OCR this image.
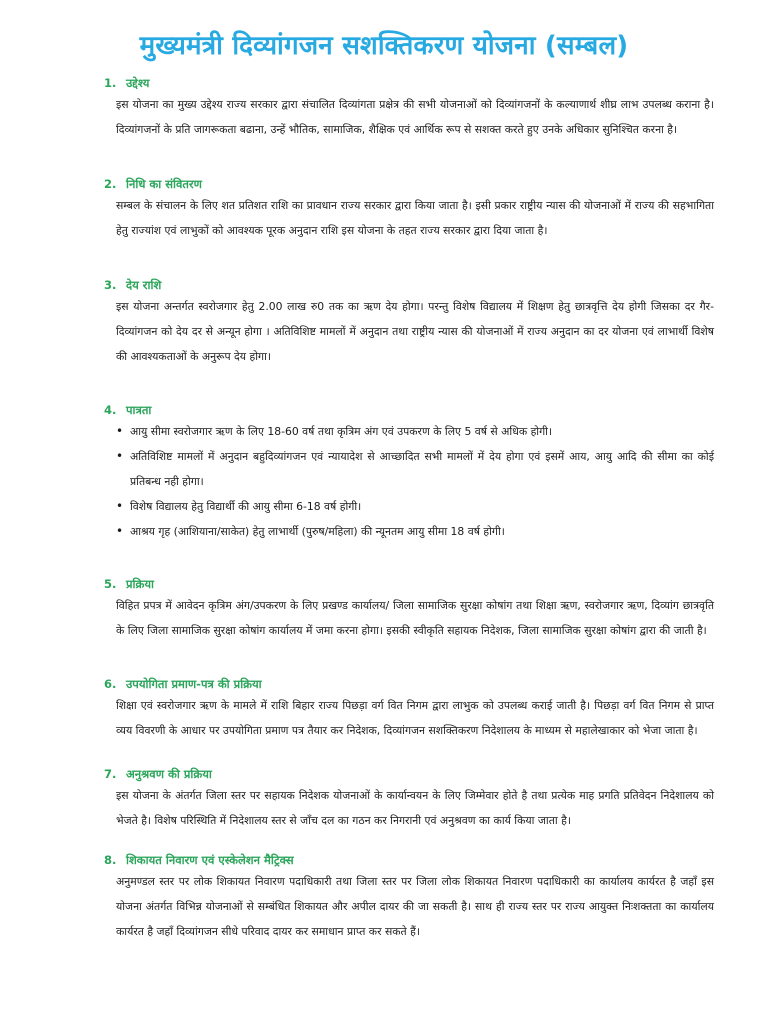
मुख्यमंत्री दिव्यांगजन सशक्तिकरण योजना (सम्बल)
1. उद्देश्य
इस योजना का मुख्य उद्देश्य राज्य सरकार द्वारा संचालित दिव्यांगता प्रक्षेत्र की सभी योजनाओं को दिव्यांगजनों के कल्याणार्थ शीघ्र लाभ उपलब्ध कराना है। दिव्यांगजनों के प्रति जागरूकता बढाना, उन्हें भौतिक, सामाजिक, शैक्षिक एवं आर्थिक रूप से सशक्त करते हुए उनके अधिकार सुनिश्चित करना है।
2. निधि का संवितरण
सम्बल के संचालन के लिए शत प्रतिशत राशि का प्रावधान राज्य सरकार द्वारा किया जाता है। इसी प्रकार राष्ट्रीय न्यास की योजनाओं में राज्य की सहभागिता हेतु राज्यांश एवं लाभुकों को आवश्यक पूरक अनुदान राशि इस योजना के तहत राज्य सरकार द्वारा दिया जाता है।
3. देय राशि
इस योजना अन्तर्गत स्वरोजगार हेतु 2.00 लाख रु0 तक का ऋण देय होगा। परन्तु विशेष विद्यालय में शिक्षण हेतु छात्रवृत्ति देय होगी जिसका दर गैर-दिव्यांगजन को देय दर से अन्यून होगा । अतिविशिष्ट मामलों में अनुदान तथा राष्ट्रीय न्यास की योजनाओं में राज्य अनुदान का दर योजना एवं लाभार्थी विशेष की आवश्यकताओं के अनुरूप देय होगा।
4. पात्रता
• आयु सीमा स्वरोजगार ऋण के लिए 18-60 वर्ष तथा कृत्रिम अंग एवं उपकरण के लिए 5 वर्ष से अधिक होगी।
• अतिविशिष्ट मामलों में अनुदान बहुदिव्यांगजन एवं न्यायादेश से आच्छादित सभी मामलों में देय होगा एवं इसमें आय, आयु आदि की सीमा का कोई प्रतिबन्ध नही होगा।
• विशेष विद्यालय हेतु विद्यार्थी की आयु सीमा 6-18 वर्ष होगी।
• आश्रय गृह (आशियाना/साकेत) हेतु लाभार्थी (पुरुष/महिला) की न्यूनतम आयु सीमा 18 वर्ष होगी।
5. प्रक्रिया
विहित प्रपत्र में आवेदन कृत्रिम अंग/उपकरण के लिए प्रखण्ड कार्यालय/ जिला सामाजिक सुरक्षा कोषांग तथा शिक्षा ऋण, स्वरोजगार ऋण, दिव्यांग छात्रवृति के लिए जिला सामाजिक सुरक्षा कोषांग कार्यालय में जमा करना होगा। इसकी स्वीकृति सहायक निदेशक, जिला सामाजिक सुरक्षा कोषांग द्वारा की जाती है।
6. उपयोगिता प्रमाण-पत्र की प्रक्रिया
शिक्षा एवं स्वरोजगार ऋण के मामले में राशि बिहार राज्य पिछड़ा वर्ग वित निगम द्वारा लाभुक को उपलब्ध कराई जाती है। पिछड़ा वर्ग वित निगम से प्राप्त व्यय विवरणी के आधार पर उपयोगिता प्रमाण पत्र तैयार कर निदेशक, दिव्यांगजन सशक्तिकरण निदेशालय के माध्यम से महालेखाकार को भेजा जाता है।
7. अनुश्रवण की प्रक्रिया
इस योजना के अंतर्गत जिला स्तर पर सहायक निदेशक योजनाओं के कार्यान्वयन के लिए जिम्मेवार होते है तथा प्रत्येक माह प्रगति प्रतिवेदन निदेशालय को भेजते है। विशेष परिस्थिति में निदेशालय स्तर से जाँच दल का गठन कर निगरानी एवं अनुश्रवण का कार्य किया जाता है।
8. शिकायत निवारण एवं एस्केलेशन मैट्रिक्स
अनुमण्डल स्तर पर लोक शिकायत निवारण पदाधिकारी तथा जिला स्तर पर जिला लोक शिकायत निवारण पदाधिकारी का कार्यालय कार्यरत है जहाँ इस योजना अंतर्गत विभिन्न योजनाओं से सम्बंधित शिकायत और अपील दायर की जा सकती है। साथ ही राज्य स्तर पर राज्य आयुक्त निःशक्तता का कार्यालय कार्यरत है जहाँ दिव्यांगजन सीधे परिवाद दायर कर समाधान प्राप्त कर सकते हैं।
